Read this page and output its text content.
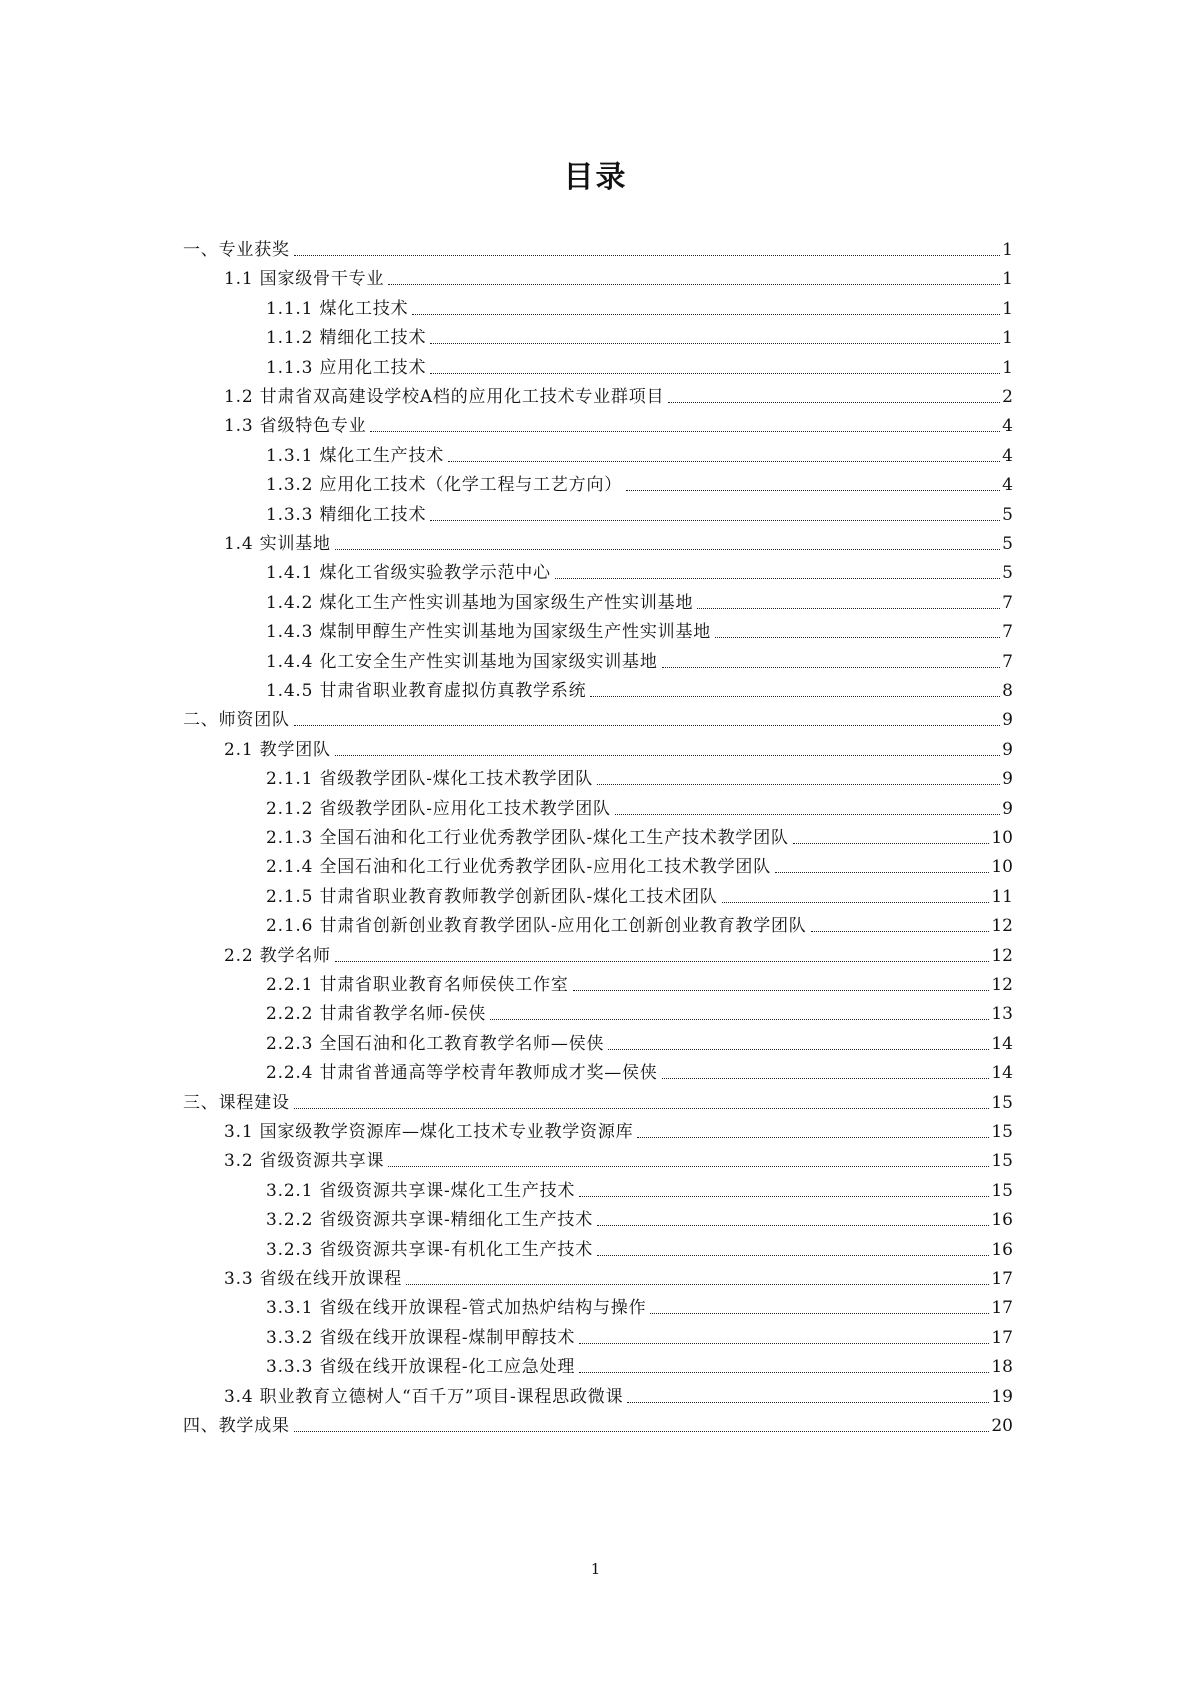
目录
一、专业获奖	1
1.1 国家级骨干专业	1
1.1.1 煤化工技术	1
1.1.2 精细化工技术	1
1.1.3 应用化工技术	1
1.2 甘肃省双高建设学校A档的应用化工技术专业群项目	2
1.3 省级特色专业	4
1.3.1 煤化工生产技术	4
1.3.2 应用化工技术（化学工程与工艺方向）	4
1.3.3 精细化工技术	5
1.4 实训基地	5
1.4.1 煤化工省级实验教学示范中心	5
1.4.2 煤化工生产性实训基地为国家级生产性实训基地	7
1.4.3 煤制甲醇生产性实训基地为国家级生产性实训基地	7
1.4.4 化工安全生产性实训基地为国家级实训基地	7
1.4.5 甘肃省职业教育虚拟仿真教学系统	8
二、师资团队	9
2.1 教学团队	9
2.1.1 省级教学团队-煤化工技术教学团队	9
2.1.2 省级教学团队-应用化工技术教学团队	9
2.1.3 全国石油和化工行业优秀教学团队-煤化工生产技术教学团队	10
2.1.4 全国石油和化工行业优秀教学团队-应用化工技术教学团队	10
2.1.5 甘肃省职业教育教师教学创新团队-煤化工技术团队	11
2.1.6 甘肃省创新创业教育教学团队-应用化工创新创业教育教学团队	12
2.2 教学名师	12
2.2.1 甘肃省职业教育名师侯侠工作室	12
2.2.2 甘肃省教学名师-侯侠	13
2.2.3 全国石油和化工教育教学名师—侯侠	14
2.2.4 甘肃省普通高等学校青年教师成才奖—侯侠	14
三、课程建设	15
3.1 国家级教学资源库—煤化工技术专业教学资源库	15
3.2 省级资源共享课	15
3.2.1 省级资源共享课-煤化工生产技术	15
3.2.2 省级资源共享课-精细化工生产技术	16
3.2.3 省级资源共享课-有机化工生产技术	16
3.3 省级在线开放课程	17
3.3.1 省级在线开放课程-管式加热炉结构与操作	17
3.3.2 省级在线开放课程-煤制甲醇技术	17
3.3.3 省级在线开放课程-化工应急处理	18
3.4 职业教育立德树人“百千万”项目-课程思政微课	19
四、教学成果	20
1
